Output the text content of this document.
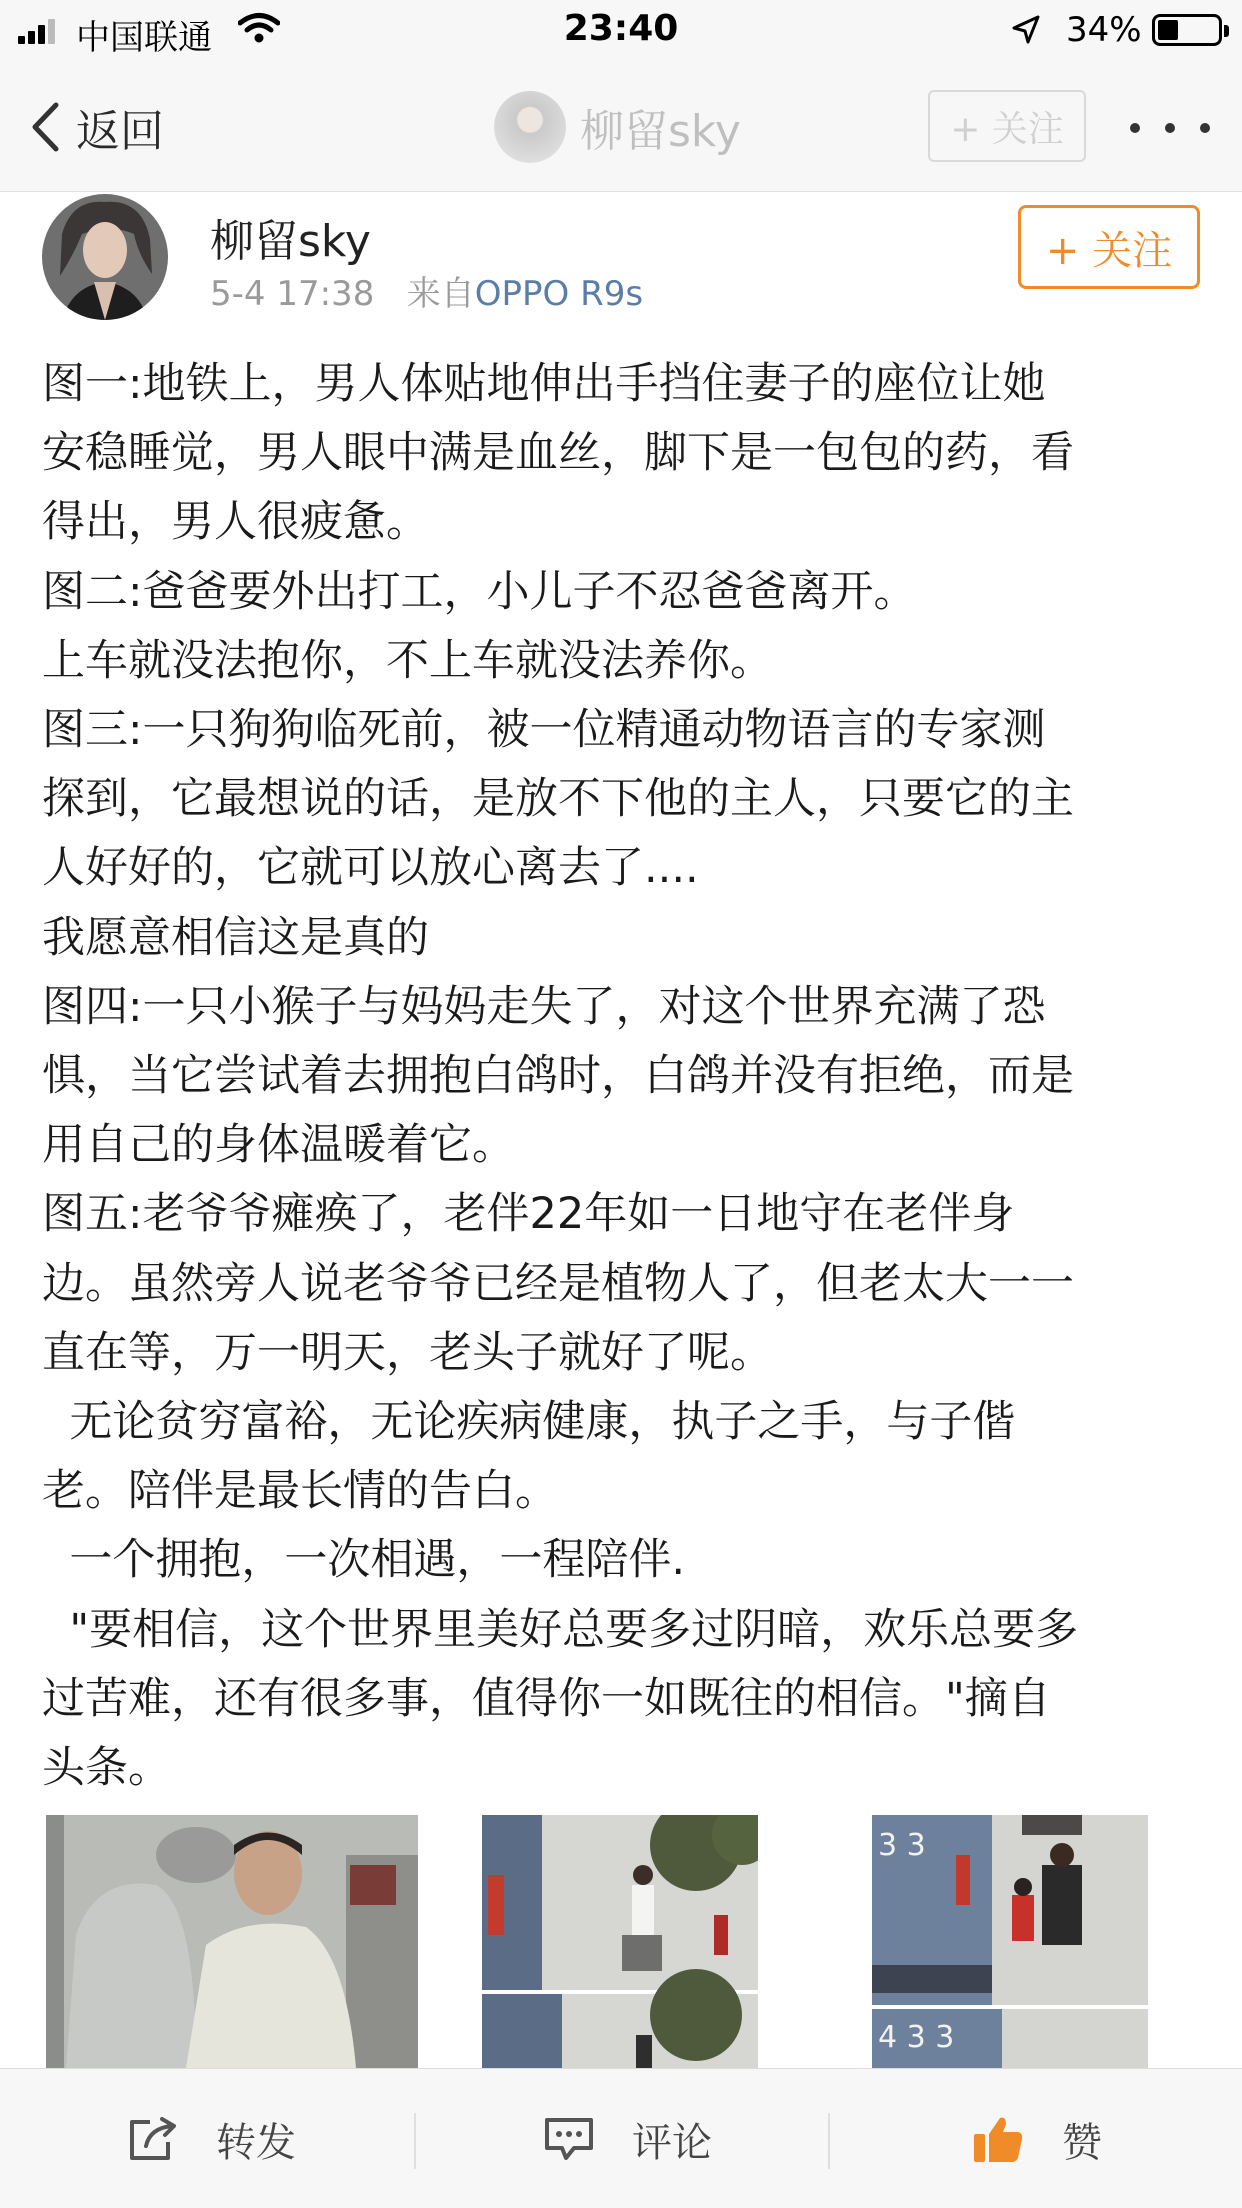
中国联通	23:40	34%
返回	柳留sky	+ 关注
柳留sky
5-4 17:38 来自OPPO R9s
+ 关注

图一:地铁上，男人体贴地伸出手挡住妻子的座位让她

安稳睡觉，男人眼中满是血丝，脚下是一包包的药，看

得出，男人很疲惫。

图二:爸爸要外出打工，小儿子不忍爸爸离开。

上车就没法抱你，不上车就没法养你。

图三:一只狗狗临死前，被一位精通动物语言的专家测

探到，它最想说的话，是放不下他的主人，只要它的主

人好好的，它就可以放心离去了....

我愿意相信这是真的

图四:一只小猴子与妈妈走失了，对这个世界充满了恐

惧，当它尝试着去拥抱白鸽时，白鸽并没有拒绝，而是

用自己的身体温暖着它。

图五:老爷爷瘫痪了，老伴22年如一日地守在老伴身

边。虽然旁人说老爷爷已经是植物人了，但老太大一一

直在等，万一明天，老头子就好了呢。

无论贫穷富裕，无论疾病健康，执子之手，与子偕

老。陪伴是最长情的告白。

一个拥抱，一次相遇，一程陪伴.

"要相信，这个世界里美好总要多过阴暗，欢乐总要多

过苦难，还有很多事，值得你一如既往的相信。"摘自

头条。

3 3
4 3 3
转发	评论	赞
